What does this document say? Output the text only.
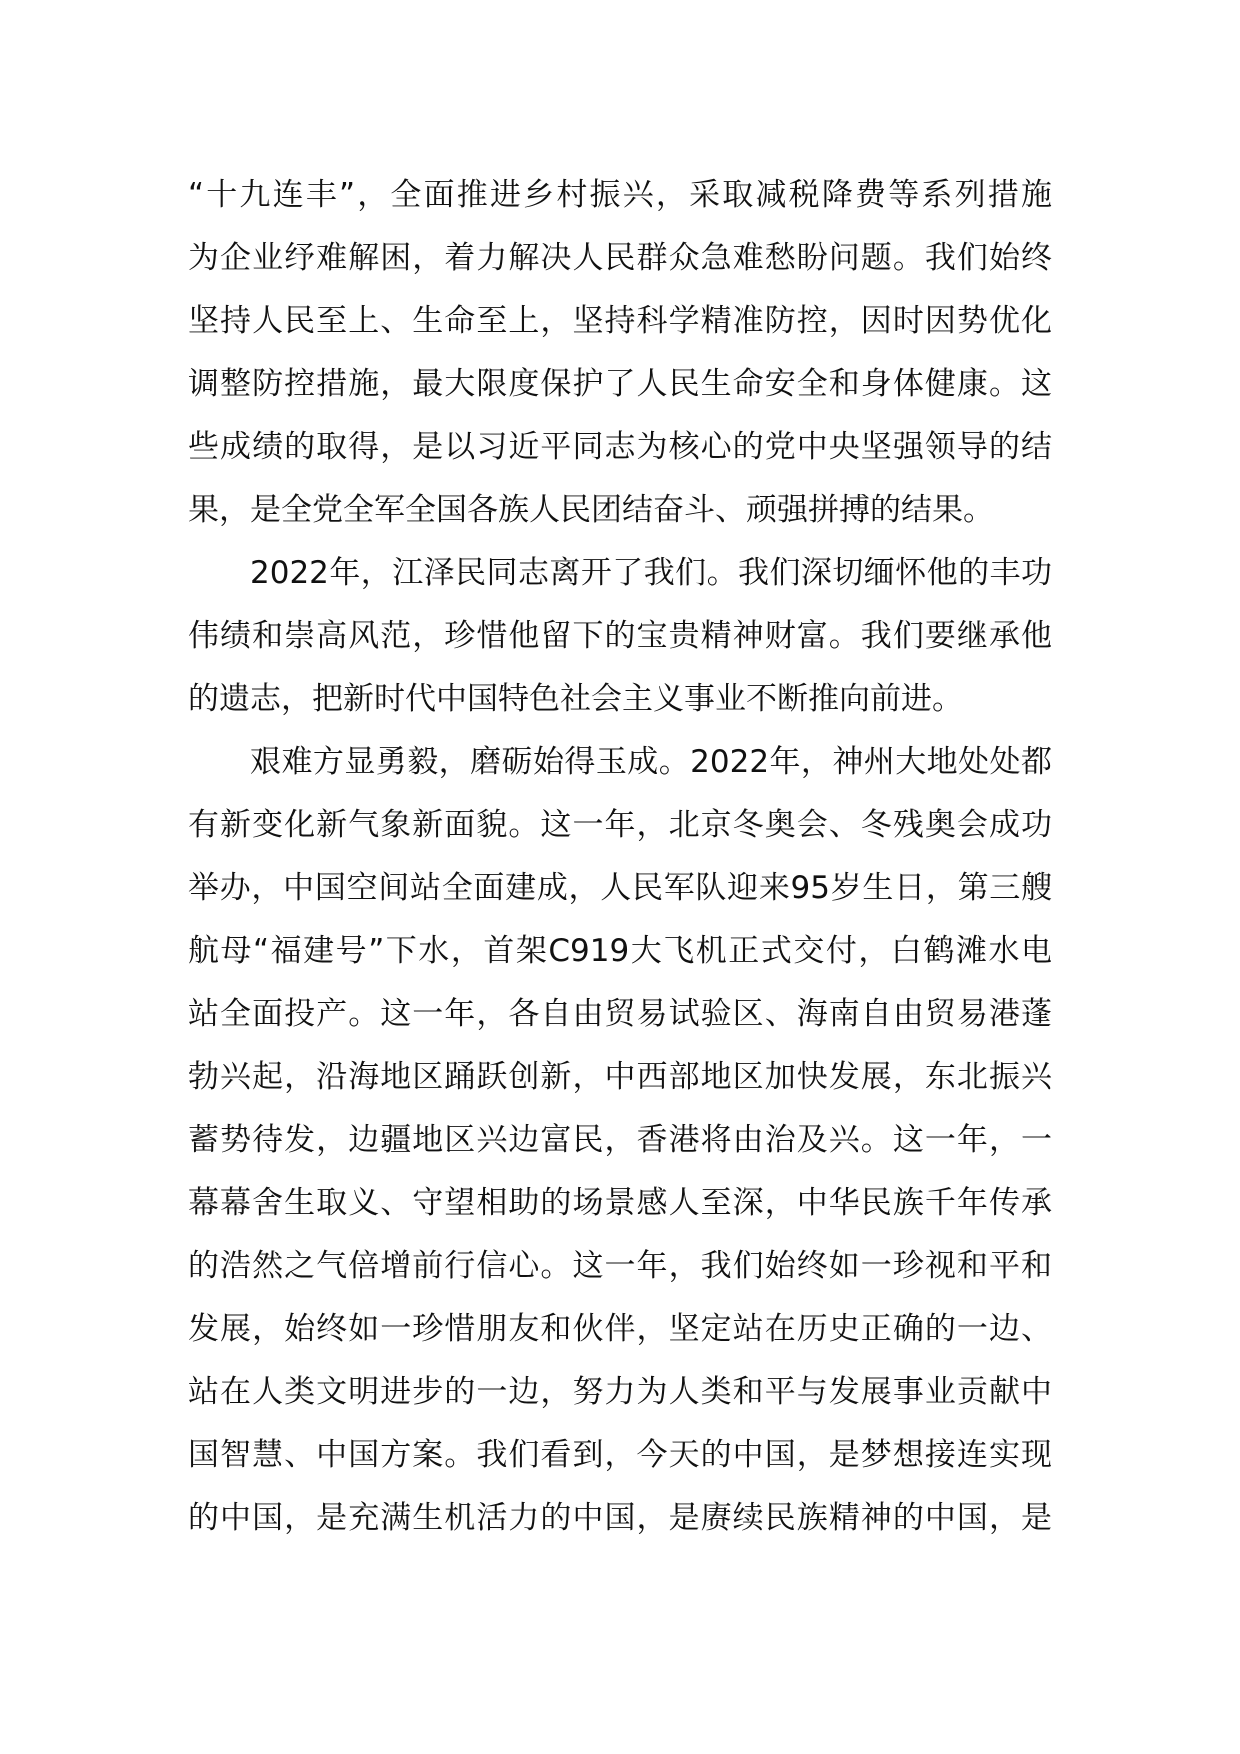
“十九连丰”，全面推进乡村振兴，采取减税降费等系列措施
为企业纾难解困，着力解决人民群众急难愁盼问题。我们始终
坚持人民至上、生命至上，坚持科学精准防控，因时因势优化
调整防控措施，最大限度保护了人民生命安全和身体健康。这
些成绩的取得，是以习近平同志为核心的党中央坚强领导的结
果，是全党全军全国各族人民团结奋斗、顽强拼搏的结果。
2022年，江泽民同志离开了我们。我们深切缅怀他的丰功
伟绩和崇高风范，珍惜他留下的宝贵精神财富。我们要继承他
的遗志，把新时代中国特色社会主义事业不断推向前进。
艰难方显勇毅，磨砺始得玉成。2022年，神州大地处处都
有新变化新气象新面貌。这一年，北京冬奥会、冬残奥会成功
举办，中国空间站全面建成，人民军队迎来95岁生日，第三艘
航母“福建号”下水，首架C919大飞机正式交付，白鹤滩水电
站全面投产。这一年，各自由贸易试验区、海南自由贸易港蓬
勃兴起，沿海地区踊跃创新，中西部地区加快发展，东北振兴
蓄势待发，边疆地区兴边富民，香港将由治及兴。这一年，一
幕幕舍生取义、守望相助的场景感人至深，中华民族千年传承
的浩然之气倍增前行信心。这一年，我们始终如一珍视和平和
发展，始终如一珍惜朋友和伙伴，坚定站在历史正确的一边、
站在人类文明进步的一边，努力为人类和平与发展事业贡献中
国智慧、中国方案。我们看到，今天的中国，是梦想接连实现
的中国，是充满生机活力的中国，是赓续民族精神的中国，是
